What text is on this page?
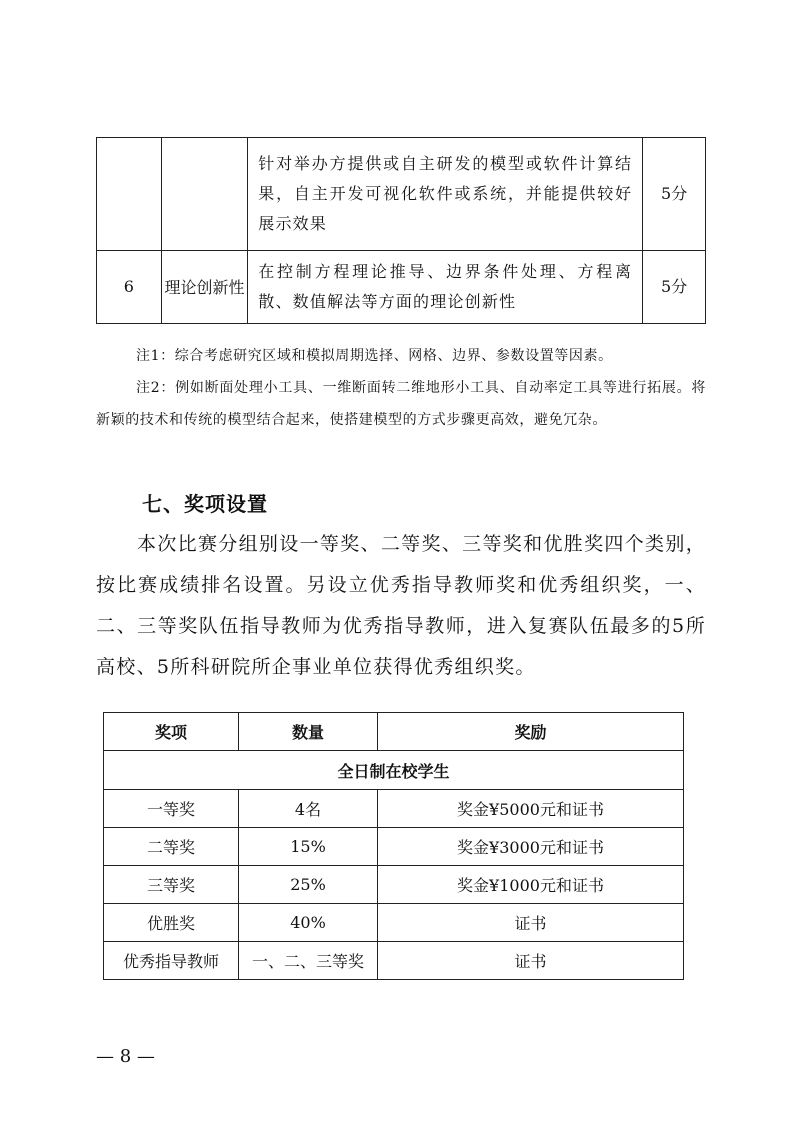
		针对举办方提供或自主研发的模型或软件计算结果，自主开发可视化软件或系统，并能提供较好展示效果	5分
6	理论创新性	在控制方程理论推导、边界条件处理、方程离散、数值解法等方面的理论创新性	5分

注1：综合考虑研究区域和模拟周期选择、网格、边界、参数设置等因素。

注2：例如断面处理小工具、一维断面转二维地形小工具、自动率定工具等进行拓展。将新颖的技术和传统的模型结合起来，使搭建模型的方式步骤更高效，避免冗杂。

七、奖项设置

本次比赛分组别设一等奖、二等奖、三等奖和优胜奖四个类别，按比赛成绩排名设置。另设立优秀指导教师奖和优秀组织奖，一、二、三等奖队伍指导教师为优秀指导教师，进入复赛队伍最多的5所高校、5所科研院所企事业单位获得优秀组织奖。

奖项	数量	奖励
全日制在校学生		
一等奖	4名	奖金¥5000元和证书
二等奖	15%	奖金¥3000元和证书
三等奖	25%	奖金¥1000元和证书
优胜奖	40%	证书
优秀指导教师	一、二、三等奖	证书

— 8 —
